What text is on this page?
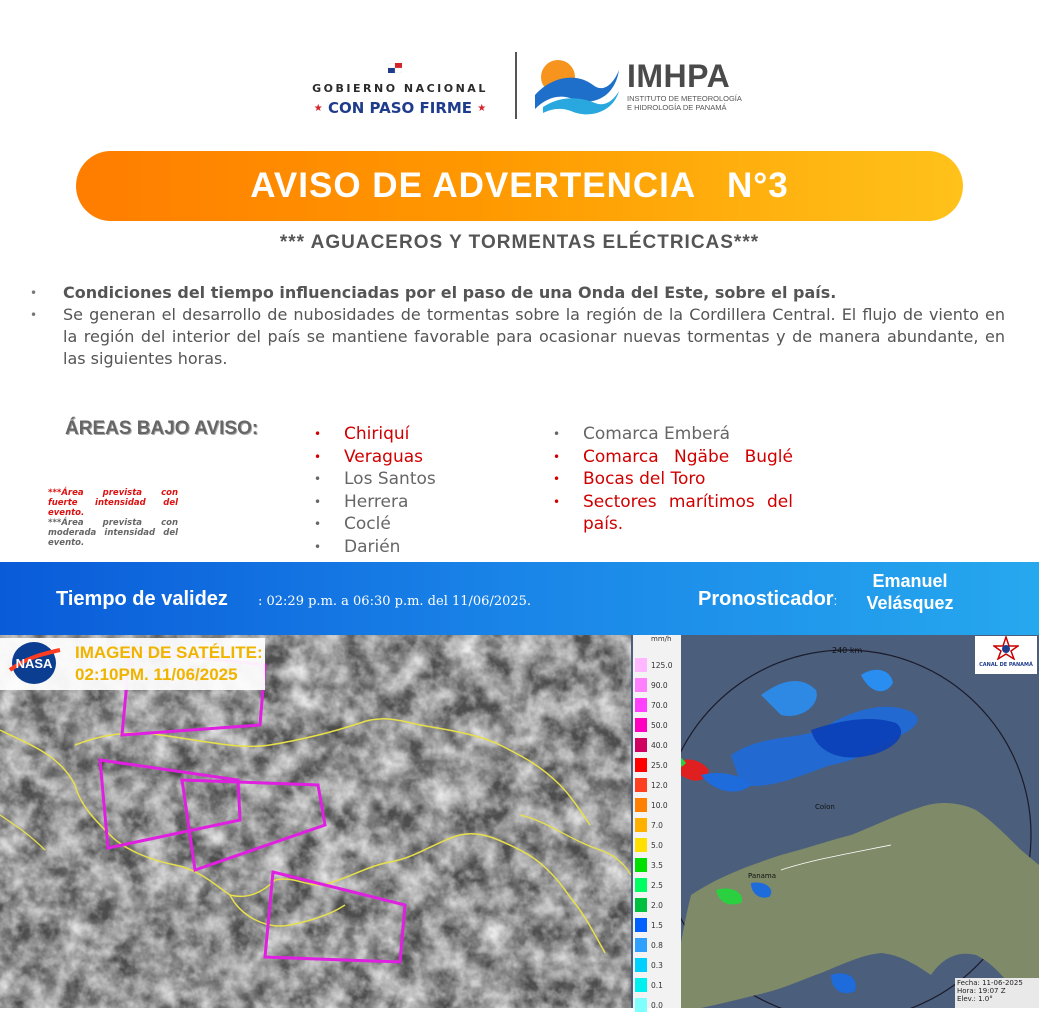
GOBIERNO NACIONAL
★ CON PASO FIRME ★
IMHPA
INSTITUTO DE METEOROLOGÍA
E HIDROLOGÍA DE PANAMÁ
AVISO DE ADVERTENCIA   N°3
*** AGUACEROS Y TORMENTAS ELÉCTRICAS***
•	Condiciones del tiempo influenciadas por el paso de una Onda del Este, sobre el país.
•	Se generan el desarrollo de nubosidades de tormentas sobre la región de la Cordillera Central. El flujo de viento en la región del interior del país se mantiene favorable para ocasionar nuevas tormentas y de manera abundante, en las siguientes horas.
ÁREAS BAJO AVISO:
***Área prevista con fuerte intensidad del evento.
***Área prevista con moderada intensidad del evento.
•	Chiriquí
•	Veraguas
•	Los Santos
•	Herrera
•	Coclé
•	Darién
•	Comarca Emberá
•	Comarca Ngäbe Buglé
•	Bocas del Toro
•	Sectores marítimos del país.
Tiempo de validez : 02:29 p.m. a 06:30 p.m. del 11/06/2025.	Pronosticador:
Emanuel Velásquez
NASA
IMAGEN DE SATÉLITE:
02:10PM. 11/06/2025
mm/h
125.0
90.0
70.0
50.0
40.0
25.0
12.0
10.0
7.0
5.0
3.5
2.5
2.0
1.5
0.8
0.3
0.1
0.0
240 km
Colon
Panama
CANAL DE PANAMÁ
Fecha: 11-06-2025
Hora: 19:07 Z
Elev.: 1.0°
